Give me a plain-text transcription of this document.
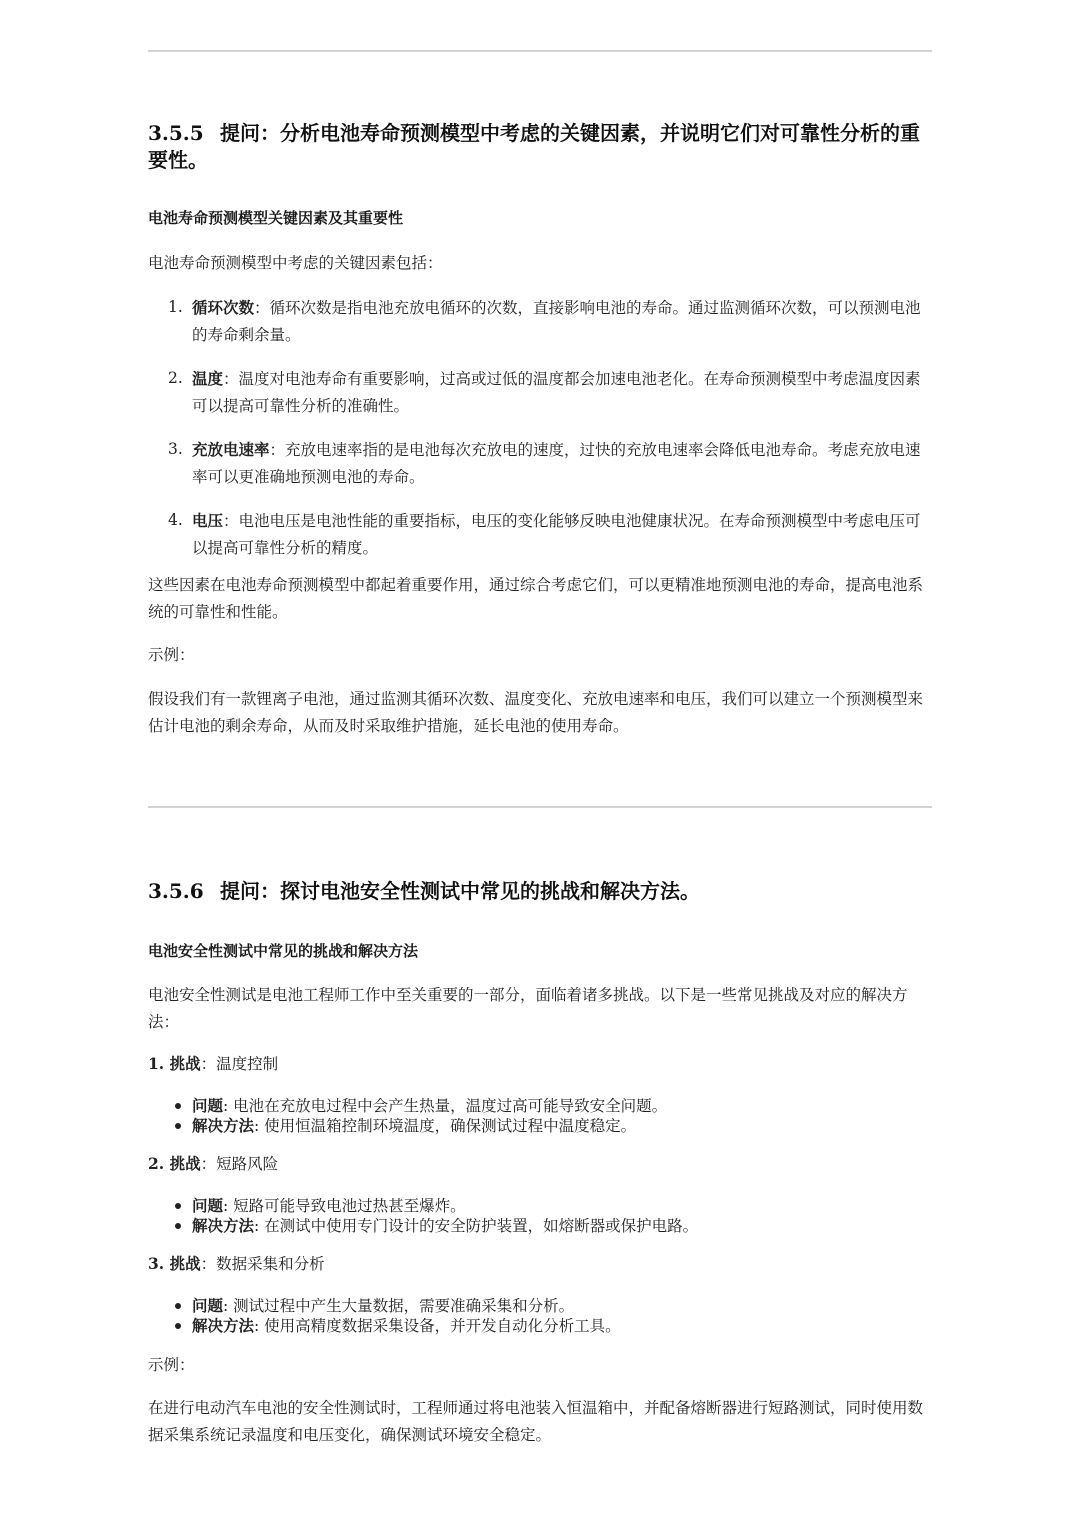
3.5.5 提问：分析电池寿命预测模型中考虑的关键因素，并说明它们对可靠性分析的重要性。
电池寿命预测模型关键因素及其重要性

电池寿命预测模型中考虑的关键因素包括：

1. 循环次数：循环次数是指电池充放电循环的次数，直接影响电池的寿命。通过监测循环次数，可以预测电池的寿命剩余量。
2. 温度：温度对电池寿命有重要影响，过高或过低的温度都会加速电池老化。在寿命预测模型中考虑温度因素可以提高可靠性分析的准确性。
3. 充放电速率：充放电速率指的是电池每次充放电的速度，过快的充放电速率会降低电池寿命。考虑充放电速率可以更准确地预测电池的寿命。
4. 电压：电池电压是电池性能的重要指标，电压的变化能够反映电池健康状况。在寿命预测模型中考虑电压可以提高可靠性分析的精度。

这些因素在电池寿命预测模型中都起着重要作用，通过综合考虑它们，可以更精准地预测电池的寿命，提高电池系统的可靠性和性能。

示例：

假设我们有一款锂离子电池，通过监测其循环次数、温度变化、充放电速率和电压，我们可以建立一个预测模型来估计电池的剩余寿命，从而及时采取维护措施，延长电池的使用寿命。

3.5.6 提问：探讨电池安全性测试中常见的挑战和解决方法。
电池安全性测试中常见的挑战和解决方法

电池安全性测试是电池工程师工作中至关重要的一部分，面临着诸多挑战。以下是一些常见挑战及对应的解决方法：

1. 挑战：温度控制
问题: 电池在充放电过程中会产生热量，温度过高可能导致安全问题。
解决方法: 使用恒温箱控制环境温度，确保测试过程中温度稳定。
2. 挑战：短路风险
问题: 短路可能导致电池过热甚至爆炸。
解决方法: 在测试中使用专门设计的安全防护装置，如熔断器或保护电路。
3. 挑战：数据采集和分析
问题: 测试过程中产生大量数据，需要准确采集和分析。
解决方法: 使用高精度数据采集设备，并开发自动化分析工具。

示例：

在进行电动汽车电池的安全性测试时，工程师通过将电池装入恒温箱中，并配备熔断器进行短路测试，同时使用数据采集系统记录温度和电压变化，确保测试环境安全稳定。
